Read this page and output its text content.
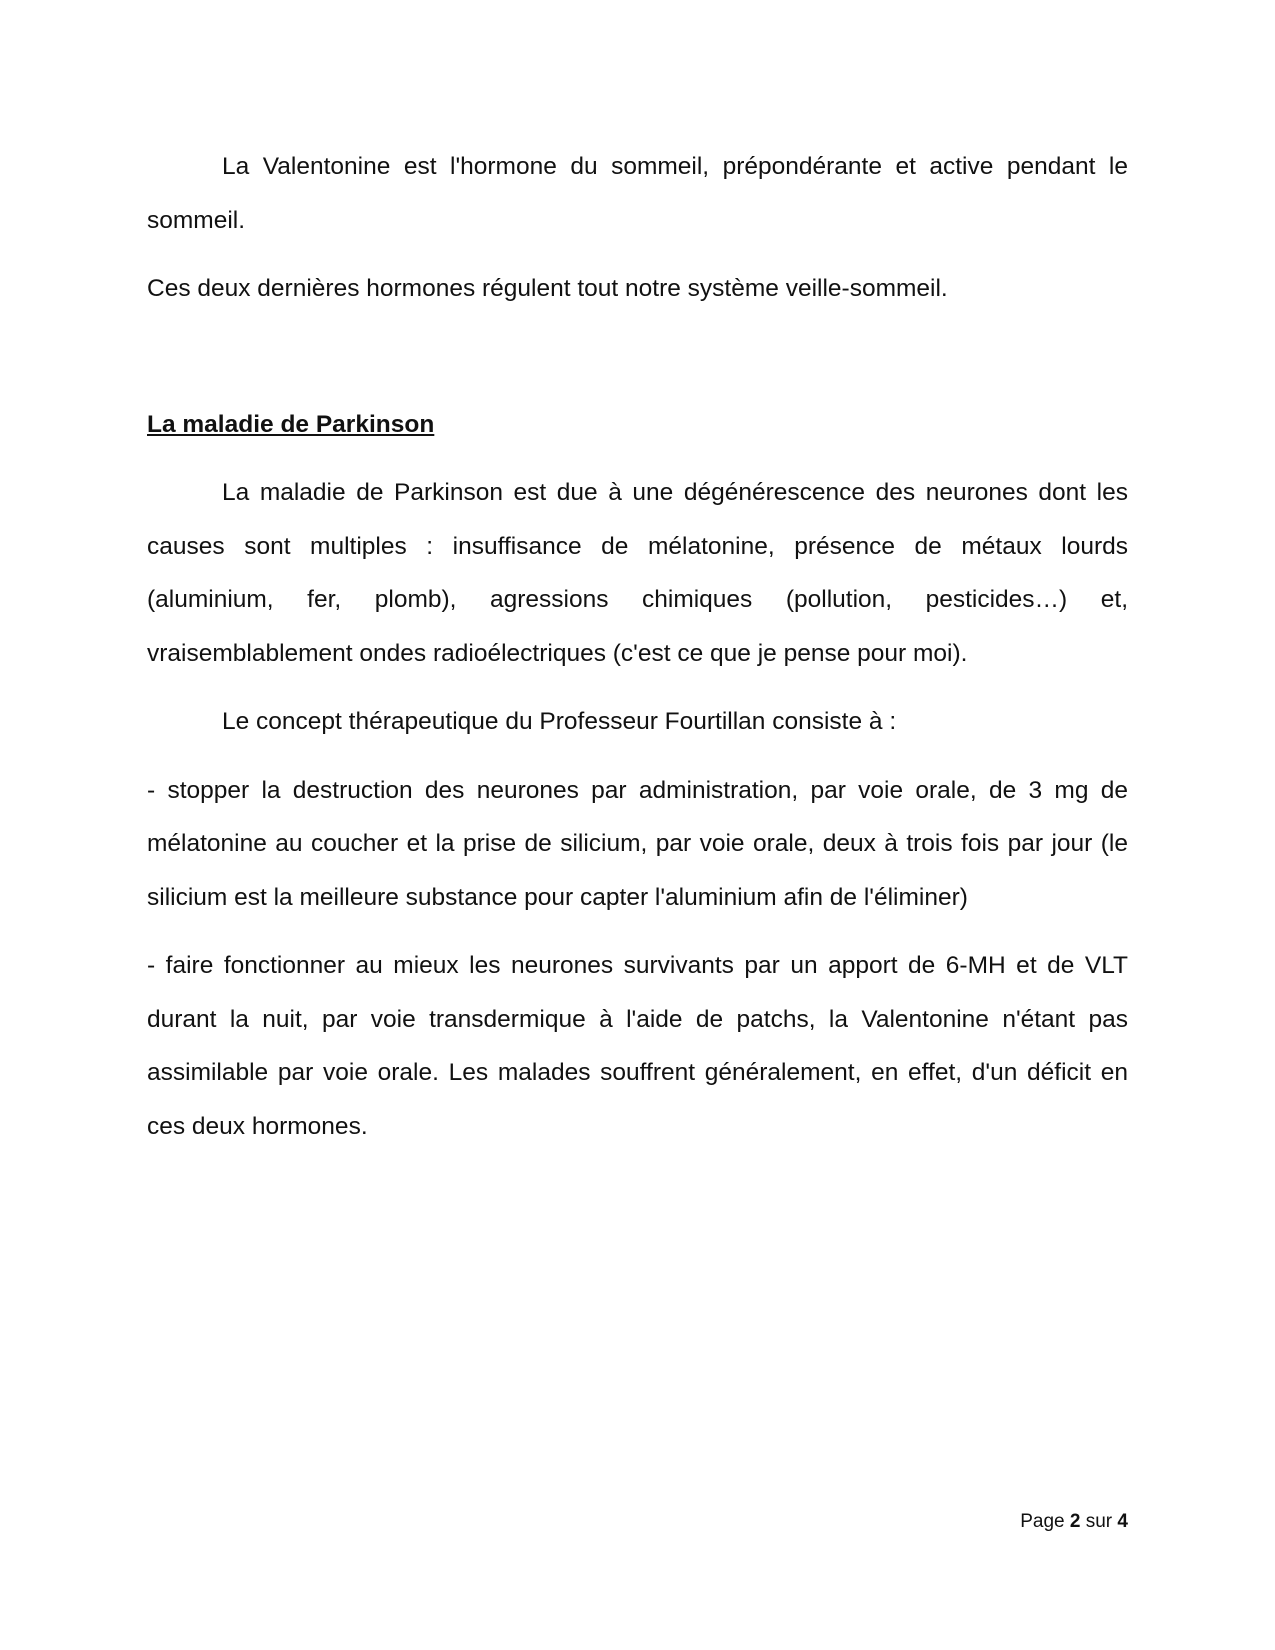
La Valentonine est l'hormone du sommeil, prépondérante et active pendant le sommeil.

Ces deux dernières hormones régulent tout notre système veille-sommeil.

La maladie de Parkinson

La maladie de Parkinson est due à une dégénérescence des neurones dont les causes sont multiples : insuffisance de mélatonine, présence de métaux lourds (aluminium, fer, plomb), agressions chimiques (pollution, pesticides…) et, vraisemblablement ondes radioélectriques (c'est ce que je pense pour moi).

Le concept thérapeutique du Professeur Fourtillan consiste à :

- stopper la destruction des neurones par administration, par voie orale, de 3 mg de mélatonine au coucher et la prise de silicium, par voie orale, deux à trois fois par jour (le silicium est la meilleure substance pour capter l'aluminium afin de l'éliminer)

- faire fonctionner au mieux les neurones survivants par un apport de 6-MH et de VLT durant la nuit, par voie transdermique à l'aide de patchs, la Valentonine n'étant pas assimilable par voie orale. Les malades souffrent généralement, en effet, d'un déficit en ces deux hormones.

Page 2 sur 4
